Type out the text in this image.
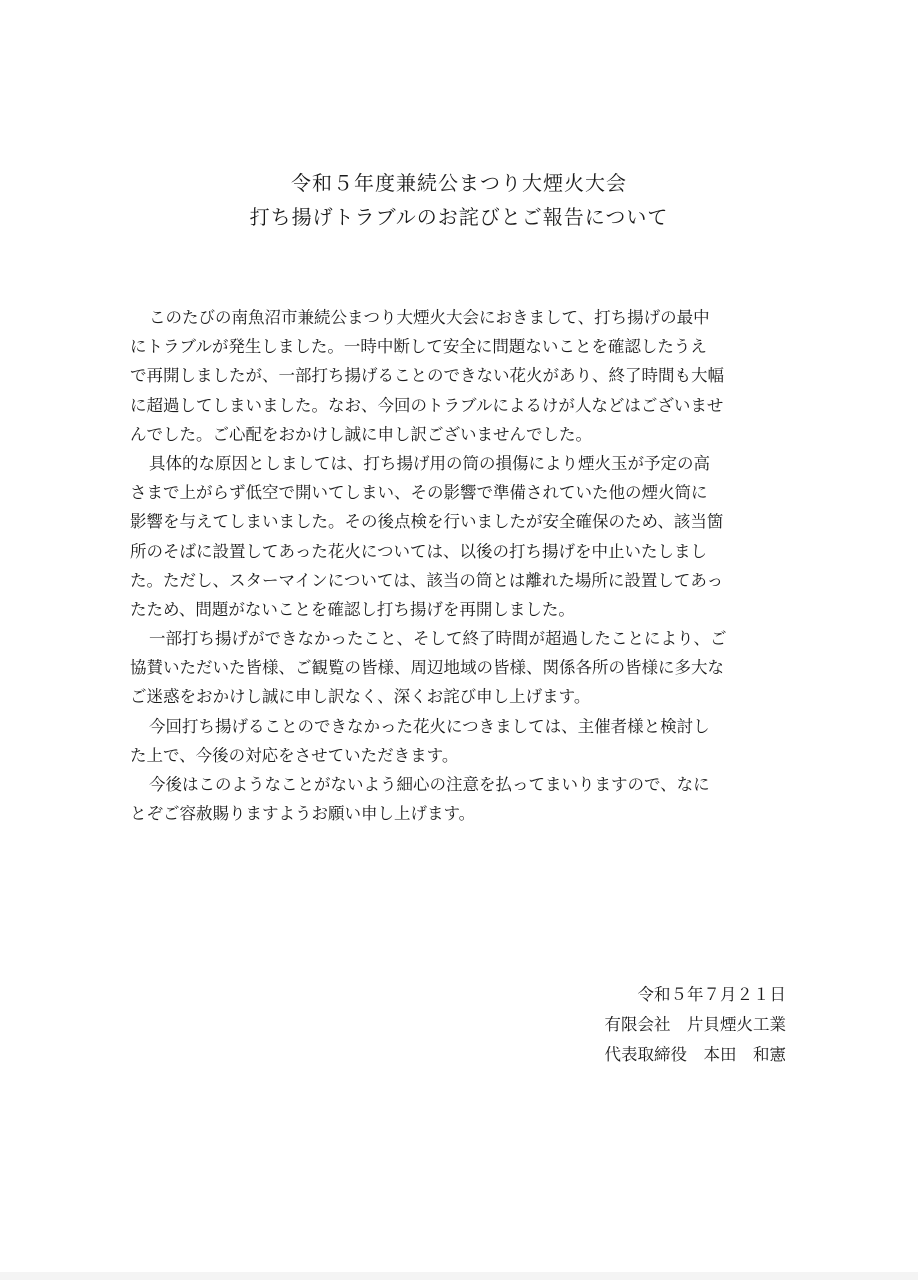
令和５年度兼続公まつり大煙火大会
打ち揚げトラブルのお詫びとご報告について
このたびの南魚沼市兼続公まつり大煙火大会におきまして、打ち揚げの最中
にトラブルが発生しました。一時中断して安全に問題ないことを確認したうえ
で再開しましたが、一部打ち揚げることのできない花火があり、終了時間も大幅
に超過してしまいました。なお、今回のトラブルによるけが人などはございませ
んでした。ご心配をおかけし誠に申し訳ございませんでした。
具体的な原因としましては、打ち揚げ用の筒の損傷により煙火玉が予定の高
さまで上がらず低空で開いてしまい、その影響で準備されていた他の煙火筒に
影響を与えてしまいました。その後点検を行いましたが安全確保のため、該当箇
所のそばに設置してあった花火については、以後の打ち揚げを中止いたしまし
た。ただし、スターマインについては、該当の筒とは離れた場所に設置してあっ
たため、問題がないことを確認し打ち揚げを再開しました。
一部打ち揚げができなかったこと、そして終了時間が超過したことにより、ご
協賛いただいた皆様、ご観覧の皆様、周辺地域の皆様、関係各所の皆様に多大な
ご迷惑をおかけし誠に申し訳なく、深くお詫び申し上げます。
今回打ち揚げることのできなかった花火につきましては、主催者様と検討し
た上で、今後の対応をさせていただきます。
今後はこのようなことがないよう細心の注意を払ってまいりますので、なに
とぞご容赦賜りますようお願い申し上げます。
令和５年７月２１日
有限会社　片貝煙火工業
代表取締役　本田　和憲
